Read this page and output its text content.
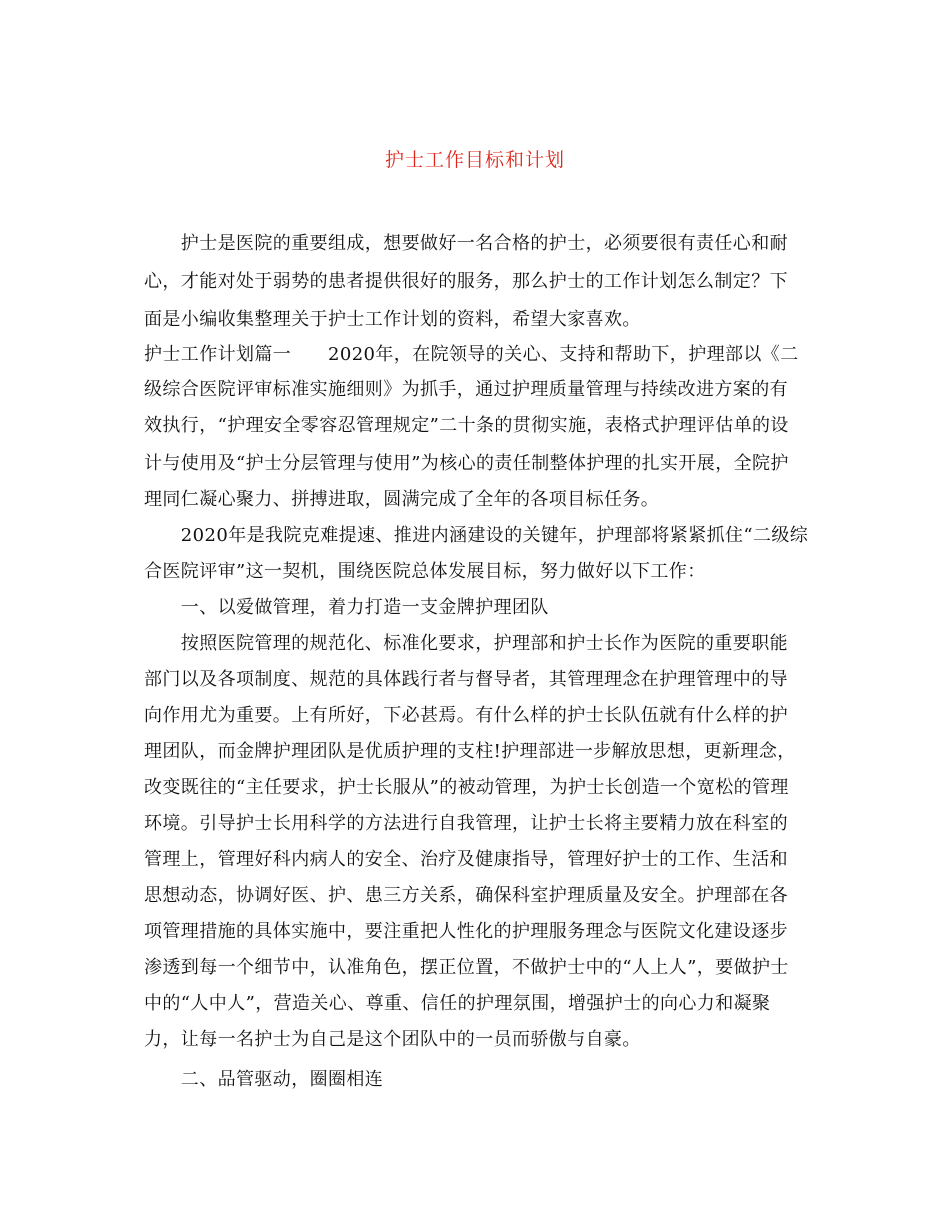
护士工作目标和计划
　　护士是医院的重要组成，想要做好一名合格的护士，必须要很有责任心和耐
心，才能对处于弱势的患者提供很好的服务，那么护士的工作计划怎么制定？下
面是小编收集整理关于护士工作计划的资料，希望大家喜欢。
护士工作计划篇一　　2020年，在院领导的关心、支持和帮助下，护理部以《二
级综合医院评审标准实施细则》为抓手，通过护理质量管理与持续改进方案的有
效执行，“护理安全零容忍管理规定”二十条的贯彻实施，表格式护理评估单的设
计与使用及“护士分层管理与使用”为核心的责任制整体护理的扎实开展，全院护
理同仁凝心聚力、拼搏进取，圆满完成了全年的各项目标任务。
　　2020年是我院克难提速、推进内涵建设的关键年，护理部将紧紧抓住“二级综
合医院评审”这一契机，围绕医院总体发展目标，努力做好以下工作：
　　一、以爱做管理，着力打造一支金牌护理团队
　　按照医院管理的规范化、标准化要求，护理部和护士长作为医院的重要职能
部门以及各项制度、规范的具体践行者与督导者，其管理理念在护理管理中的导
向作用尤为重要。上有所好，下必甚焉。有什么样的护士长队伍就有什么样的护
理团队，而金牌护理团队是优质护理的支柱!护理部进一步解放思想，更新理念，
改变既往的“主任要求，护士长服从”的被动管理，为护士长创造一个宽松的管理
环境。引导护士长用科学的方法进行自我管理，让护士长将主要精力放在科室的
管理上，管理好科内病人的安全、治疗及健康指导，管理好护士的工作、生活和
思想动态，协调好医、护、患三方关系，确保科室护理质量及安全。护理部在各
项管理措施的具体实施中，要注重把人性化的护理服务理念与医院文化建设逐步
渗透到每一个细节中，认准角色，摆正位置，不做护士中的“人上人”，要做护士
中的“人中人”，营造关心、尊重、信任的护理氛围，增强护士的向心力和凝聚
力，让每一名护士为自己是这个团队中的一员而骄傲与自豪。
　　二、品管驱动，圈圈相连
